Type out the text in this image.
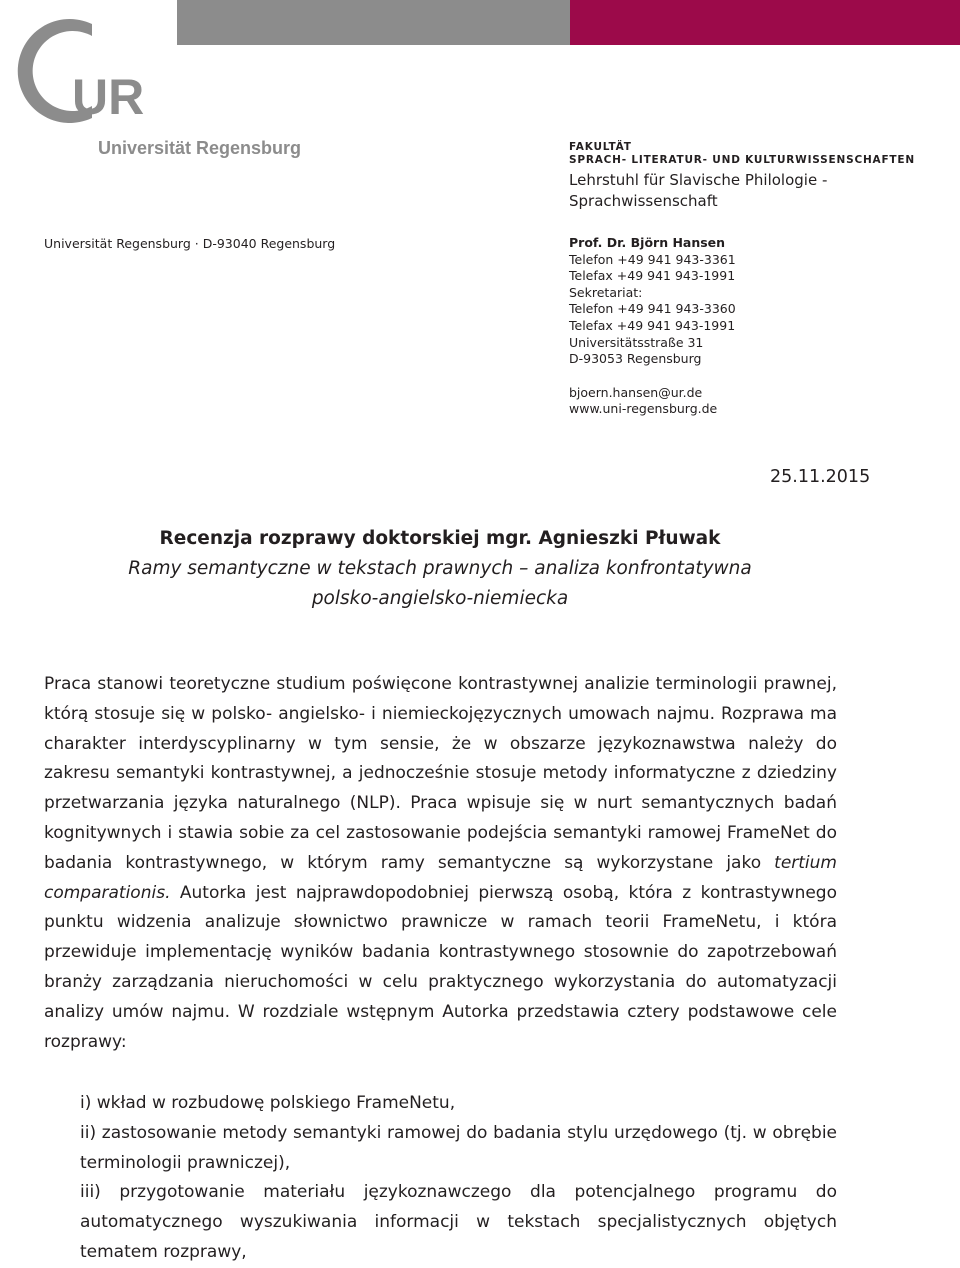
UR
Universität Regensburg
Universität Regensburg · D-93040 Regensburg
FAKULTÄT
SPRACH- LITERATUR- UND KULTURWISSENSCHAFTEN
Lehrstuhl für Slavische Philologie - Sprachwissenschaft
Prof. Dr. Björn Hansen
Telefon +49 941 943-3361
Telefax +49 941 943-1991
Sekretariat:
Telefon +49 941 943-3360
Telefax +49 941 943-1991
Universitätsstraße 31
D-93053 Regensburg
bjoern.hansen@ur.de
www.uni-regensburg.de
25.11.2015
Recenzja rozprawy doktorskiej mgr. Agnieszki Płuwak
Ramy semantyczne w tekstach prawnych – analiza konfrontatywna
polsko-angielsko-niemiecka

Praca stanowi teoretyczne studium poświęcone kontrastywnej analizie terminologii prawnej, którą stosuje się w polsko- angielsko- i niemieckojęzycznych umowach najmu. Rozprawa ma charakter interdyscyplinarny w tym sensie, że w obszarze językoznawstwa należy do zakresu semantyki kontrastywnej, a jednocześnie stosuje metody informatyczne z dziedziny przetwarzania języka naturalnego (NLP). Praca wpisuje się w nurt semantycznych badań kognitywnych i stawia sobie za cel zastosowanie podejścia semantyki ramowej FrameNet do badania kontrastywnego, w którym ramy semantyczne są wykorzystane jako tertium comparationis. Autorka jest najprawdopodobniej pierwszą osobą, która z kontrastywnego punktu widzenia analizuje słownictwo prawnicze w ramach teorii FrameNetu, i która przewiduje implementację wyników badania kontrastywnego stosownie do zapotrzebowań branży zarządzania nieruchomości w celu praktycznego wykorzystania do automatyzacji analizy umów najmu. W rozdziale wstępnym Autorka przedstawia cztery podstawowe cele rozprawy:

i) wkład w rozbudowę polskiego FrameNetu,
ii) zastosowanie metody semantyki ramowej do badania stylu urzędowego (tj. w obrębie terminologii prawniczej),
iii) przygotowanie materiału językoznawczego dla potencjalnego programu do automatycznego wyszukiwania informacji w tekstach specjalistycznych objętych tematem rozprawy,
